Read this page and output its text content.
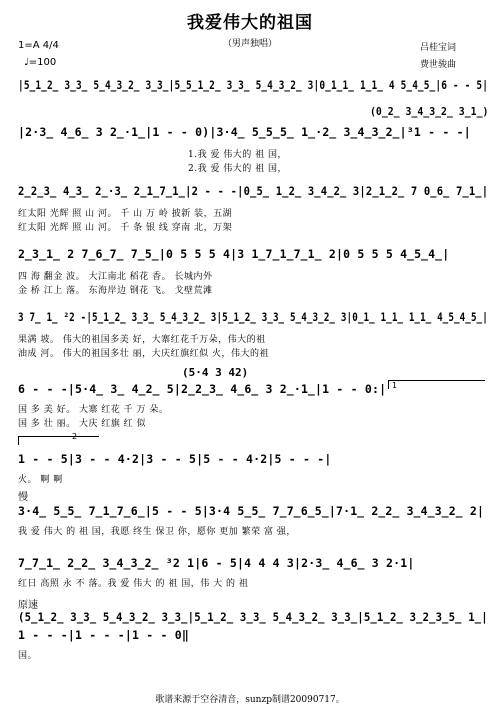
我爱伟大的祖国
（男声独唱）	吕桂宝词
费世骏曲
1=A 4/4
♩=100
|5̲1̲2̲ 3̲3̲ 5̲4̲3̲2̲ 3̲3̲|5̲5̲1̲2̲ 3̲3̲ 5̲4̲3̲2̲ 3|0̲1̲1̲ 1̲1̲ 4 5̲4̲5̲|6 - - 5|
(0̲2̲ 3̲4̲3̲2̲ 3̲1̲)
|2·3̲ 4̲6̲ 3 2̲·1̲|1 - - 0)|3·4̲ 5̲5̲5̲ 1̲·2̲ 3̲4̲3̲2̲|³1 - - -|
1.我 爱 伟大的 祖 国，
2.我 爱 伟大的 祖 国，
2̲2̲3̲ 4̲3̲ 2̲·3̲ 2̲1̲7̲1̲|2 - - -|0̲5̲ 1̲2̲ 3̲4̲2̲ 3|2̲1̲2̲ 7 0̲6̲ 7̲1̲|
红太阳 光辉 照 山 河。 千 山 万 岭 披新 装，五湖
红太阳 光辉 照 山 河。 千 条 银 线 穿南 北，万架
2̲3̲1̲ 2 7̲6̲7̲ 7̲5̲|0 5 5 5 4|3 1̲7̲1̲7̲1̲ 2|0 5 5 5 4̲5̲4̲|
四 海 翻金 波。 大江南北 稻花 香。 长城内外
金 桥 江上 落。 东海岸边 钢花 飞。 戈壁荒滩
3 7̲ 1̲ ²2 -|5̲1̲2̲ 3̲3̲ 5̲4̲3̲2̲ 3|5̲1̲2̲ 3̲3̲ 5̲4̲3̲2̲ 3|0̲1̲ 1̲1̲ 1̲1̲ 4̲5̲4̲5̲|
果满 坡。 伟大的祖国多美 好，大寨红花千万朵，伟大的祖
油成 河。 伟大的祖国多壮 丽，大庆红旗红似 火，伟大的祖
(5·4 3 42)
1
6 - - -|5·4̲ 3̲ 4̲2̲ 5|2̲2̲3̲ 4̲6̲ 3 2̲·1̲|1 - - 0:|
国 多 美 好。 大寨 红花 千 万 朵。
国 多 壮 丽。 大庆 红旗 红 似
2
1 - - 5|3 - - 4·2|3 - - 5|5 - - 4·2|5 - - -|
火。 啊 啊
慢
3·4̲ 5̲5̲ 7̲1̲7̲6̲|5 - - 5|3·4 5̲5̲ 7̲7̲6̲5̲|7·1̲ 2̲2̲ 3̲4̲3̲2̲ 2|
我 爱 伟大 的 祖 国，我愿 终生 保卫 你，愿你 更加 繁荣 富 强，
7̲7̲1̲ 2̲2̲ 3̲4̲3̲2̲ ³2 1|6 - 5|4 4 4 3|2·3̲ 4̲6̲ 3 2·1|
红日 高照 永 不 落。我 爱 伟大 的 祖 国，伟 大 的 祖
原速
(5̲1̲2̲ 3̲3̲ 5̲4̲3̲2̲ 3̲3̲|5̲1̲2̲ 3̲3̲ 5̲4̲3̲2̲ 3̲3̲|5̲1̲2̲ 3̲2̲3̲5̲ 1̲|
1 - - -|1 - - -|1 - - 0‖
国。
歌谱来源于空谷清音，sunzp制谱20090717。
